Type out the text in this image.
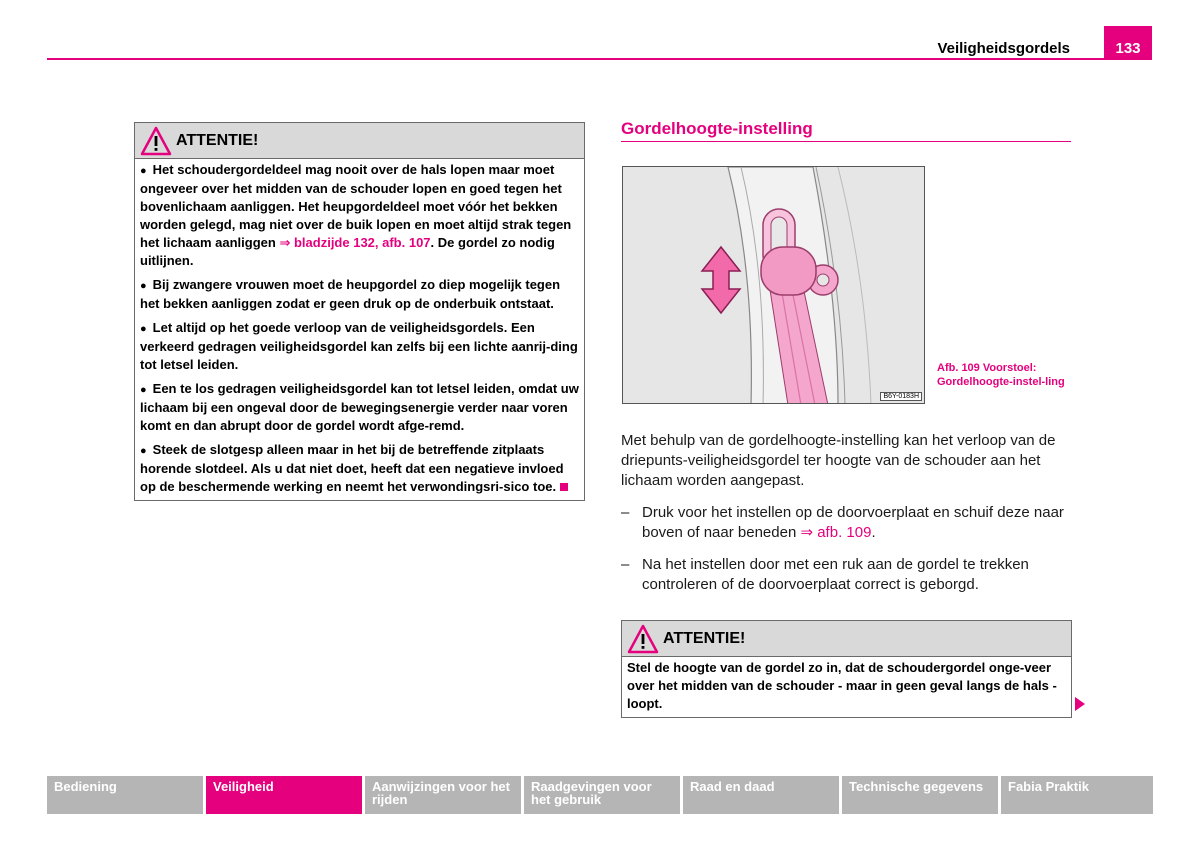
Veiligheidsgordels	133
ATTENTIE!

● Het schoudergordeldeel mag nooit over de hals lopen maar moet ongeveer over het midden van de schouder lopen en goed tegen het bovenlichaam aanliggen. Het heupgordeldeel moet vóór het bekken worden gelegd, mag niet over de buik lopen en moet altijd strak tegen het lichaam aanliggen ⇒ bladzijde 132, afb. 107. De gordel zo nodig uitlijnen.

● Bij zwangere vrouwen moet de heupgordel zo diep mogelijk tegen het bekken aanliggen zodat er geen druk op de onderbuik ontstaat.

● Let altijd op het goede verloop van de veiligheidsgordels. Een verkeerd gedragen veiligheidsgordel kan zelfs bij een lichte aanrij-ding tot letsel leiden.

● Een te los gedragen veiligheidsgordel kan tot letsel leiden, omdat uw lichaam bij een ongeval door de bewegingsenergie verder naar voren komt en dan abrupt door de gordel wordt afge-remd.

● Steek de slotgesp alleen maar in het bij de betreffende zitplaats horende slotdeel. Als u dat niet doet, heeft dat een negatieve invloed op de beschermende werking en neemt het verwondingsri-sico toe.

Gordelhoogte-instelling
B6Y-0183H
Afb. 109 Voorstoel: Gordelhoogte-instel-ling
Met behulp van de gordelhoogte-instelling kan het verloop van de driepunts-veiligheidsgordel ter hoogte van de schouder aan het lichaam worden aangepast.
– Druk voor het instellen op de doorvoerplaat en schuif deze naar boven of naar beneden ⇒ afb. 109.
– Na het instellen door met een ruk aan de gordel te trekken controleren of de doorvoerplaat correct is geborgd.
ATTENTIE!
Stel de hoogte van de gordel zo in, dat de schoudergordel onge-veer over het midden van de schouder - maar in geen geval langs de hals - loopt.
Bediening	Veiligheid	Aanwijzingen voor het rijden
Raadgevingen voor het gebruik
Raad en daad	Technische gegevens	Fabia Praktik
